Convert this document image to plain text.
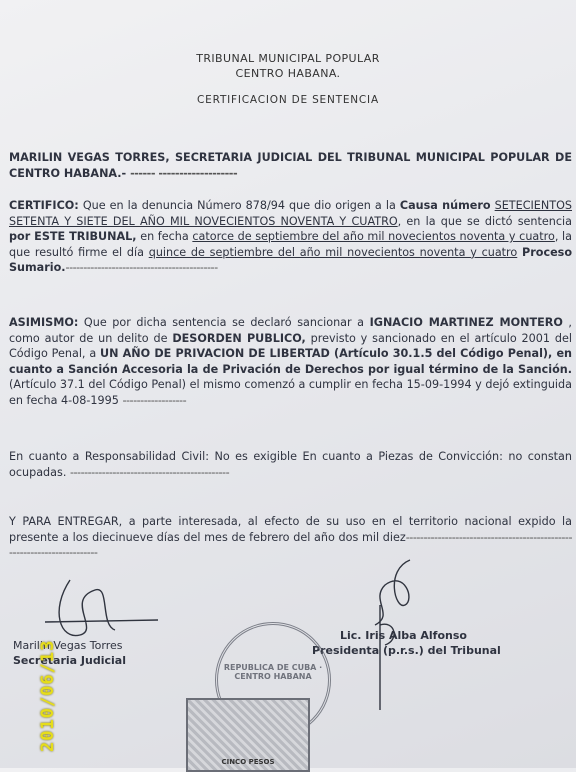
TRIBUNAL MUNICIPAL POPULAR
CENTRO HABANA.
CERTIFICACION DE SENTENCIA
MARILIN VEGAS TORRES, SECRETARIA JUDICIAL DEL TRIBUNAL MUNICIPAL POPULAR DE CENTRO HABANA.- ------ -------------------
CERTIFICO: Que en la denuncia Número 878/94 que dio origen a la Causa número SETECIENTOS SETENTA Y SIETE DEL AÑO MIL NOVECIENTOS NOVENTA Y CUATRO, en la que se dictó sentencia por ESTE TRIBUNAL, en fecha catorce de septiembre del año mil novecientos noventa y cuatro, la que resultó firme el día quince de septiembre del año mil novecientos noventa y cuatro Proceso Sumario.-------------------------------------------
ASIMISMO: Que por dicha sentencia se declaró sancionar a IGNACIO MARTINEZ MONTERO , como autor de un delito de DESORDEN PUBLICO, previsto y sancionado en el artículo 2001 del Código Penal, a UN AÑO DE PRIVACION DE LIBERTAD (Artículo 30.1.5 del Código Penal), en cuanto a Sanción Accesoria la de Privación de Derechos por igual término de la Sanción. (Artículo 37.1 del Código Penal) el mismo comenzó a cumplir en fecha 15-09-1994 y dejó extinguida en fecha 4-08-1995 ------------------
En cuanto a Responsabilidad Civil: No es exigible En cuanto a Piezas de Convicción: no constan ocupadas. ---------------------------------------------
Y PARA ENTREGAR, a parte interesada, al efecto de su uso en el territorio nacional expido la presente a los diecinueve días del mes de febrero del año dos mil diez------------------------------------------------------------------------
Marilin Vegas Torres
Secretaria Judicial
Lic. Iris Alba Alfonso
Presidenta (p.r.s.) del Tribunal
REPUBLICA DE CUBA · CENTRO HABANA
CINCO PESOS
2010/06/13
